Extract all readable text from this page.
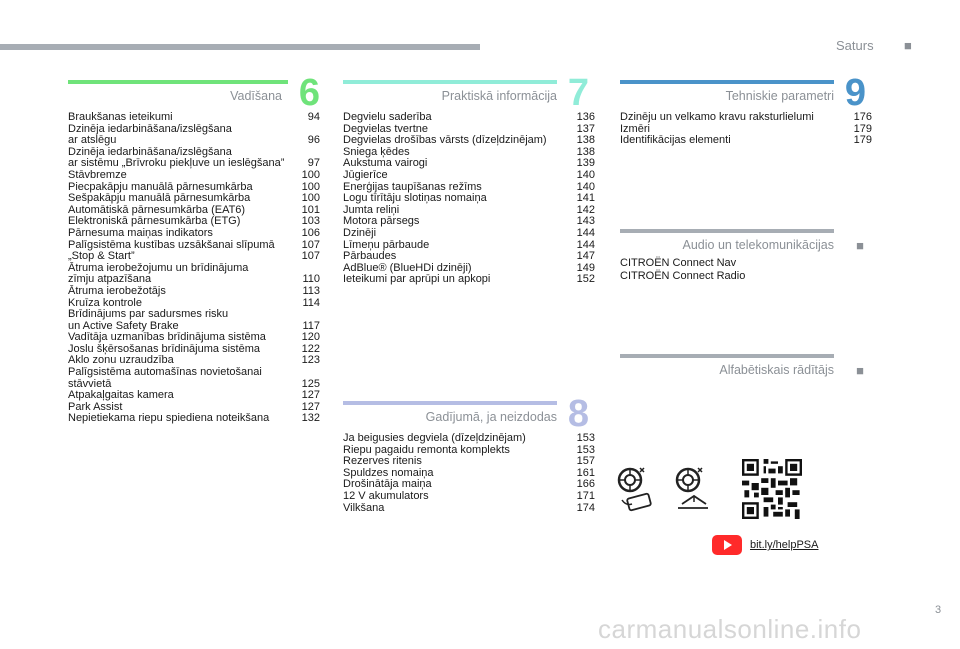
Saturs ■
Vadīšana 6
Braukšanas ieteikumi	94
Dzinēja iedarbināšana/izslēgšana
ar atslēgu	96
Dzinēja iedarbināšana/izslēgšana
ar sistēmu „Brīvroku piekļuve un ieslēgšana”	97
Stāvbremze	100
Piecpakāpju manuālā pārnesumkārba	100
Sešpakāpju manuālā pārnesumkārba	100
Automātiskā pārnesumkārba (EAT6)	101
Elektroniskā pārnesumkārba (ETG)	103
Pārnesuma maiņas indikators	106
Palīgsistēma kustības uzsākšanai slīpumā	107
„Stop & Start”	107
Ātruma ierobežojumu un brīdinājuma
zīmju atpazīšana	110
Ātruma ierobežotājs	113
Kruīza kontrole	114
Brīdinājums par sadursmes risku
un Active Safety Brake	117
Vadītāja uzmanības brīdinājuma sistēma	120
Joslu šķērsošanas brīdinājuma sistēma	122
Aklo zonu uzraudzība	123
Palīgsistēma automašīnas novietošanai
stāvvietā	125
Atpakaļgaitas kamera	127
Park Assist	127
Nepietiekama riepu spiediena noteikšana	132
Praktiskā informācija 7
Degvielu saderība	136
Degvielas tvertne	137
Degvielas drošības vārsts (dīzeļdzinējam)	138
Sniega ķēdes	138
Aukstuma vairogi	139
Jūgierīce	140
Enerģijas taupīšanas režīms	140
Logu tīrītāju slotiņas nomaiņa	141
Jumta reliņi	142
Motora pārsegs	143
Dzinēji	144
Līmeņu pārbaude	144
Pārbaudes	147
AdBlue® (BlueHDi dzinēji)	149
Ieteikumi par aprūpi un apkopi	152
Gadījumā, ja neizdodas 8
Ja beigusies degviela (dīzeļdzinējam)	153
Riepu pagaidu remonta komplekts	153
Rezerves ritenis	157
Spuldzes nomaiņa	161
Drošinātāja maiņa	166
12 V akumulators	171
Vilkšana	174
Tehniskie parametri 9
Dzinēju un velkamo kravu raksturlielumi	176
Izmēri	179
Identifikācijas elementi	179
Audio un telekomunikācijas ■
CITROËN Connect Nav
CITROËN Connect Radio
Alfabētiskais rādītājs ■
bit.ly/helpPSA
3
carmanualsonline.info
